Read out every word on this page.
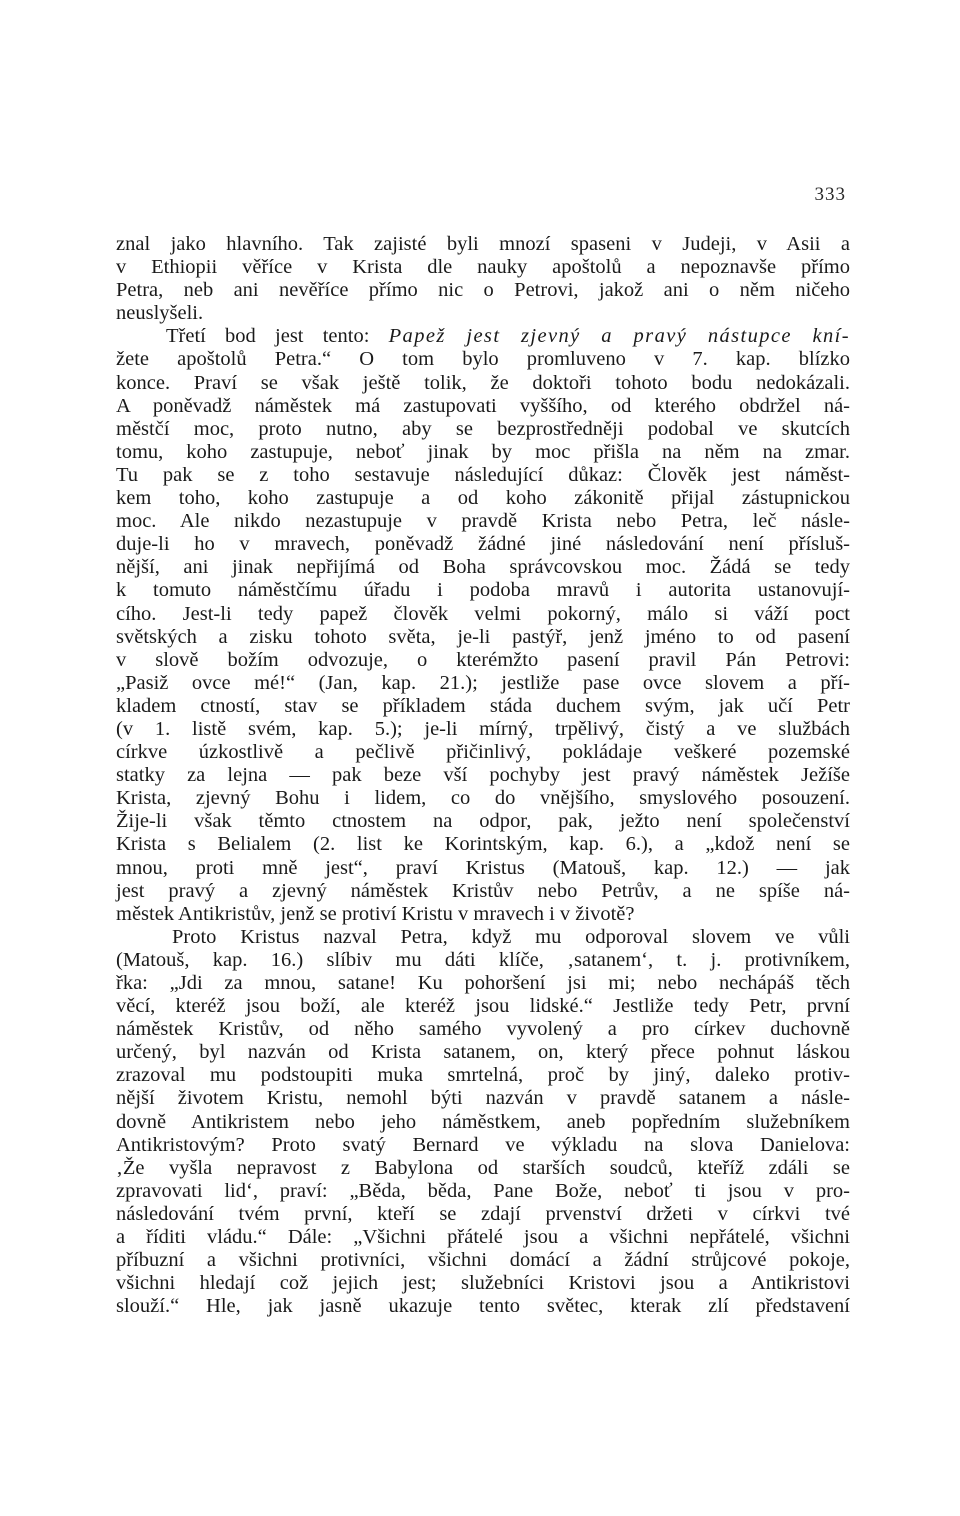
333
znal jako hlavního. Tak zajisté byli mnozí spaseni v Judeji, v Asii a
v Ethiopii věříce v Krista dle nauky apoštolů a nepoznavše přímo
Petra, neb ani nevěříce přímo nic o Petrovi, jakož ani o něm ničeho
neuslyšeli.
Třetí bod jest tento: Papež jest zjevný a pravý nástupce kní-
žete apoštolů Petra.“ O tom bylo promluveno v 7. kap. blízko
konce. Praví se však ještě tolik, že doktoři tohoto bodu nedokázali.
A poněvadž náměstek má zastupovati vyššího, od kterého obdržel ná-
městčí moc, proto nutno, aby se bezprostředněji podobal ve skutcích
tomu, koho zastupuje, neboť jinak by moc přišla na něm na zmar.
Tu pak se z toho sestavuje následující důkaz: Člověk jest náměst-
kem toho, koho zastupuje a od koho zákonitě přijal zástupnickou
moc. Ale nikdo nezastupuje v pravdě Krista nebo Petra, leč násle-
duje-li ho v mravech, poněvadž žádné jiné následování není přísluš-
nější, ani jinak nepřijímá od Boha správcovskou moc. Žádá se tedy
k tomuto náměstčímu úřadu i podoba mravů i autorita ustanovují-
cího. Jest-li tedy papež člověk velmi pokorný, málo si váží poct
světských a zisku tohoto světa, je-li pastýř, jenž jméno to od pasení
v slově božím odvozuje, o kterémžto pasení pravil Pán Petrovi:
„Pasiž ovce mé!“ (Jan, kap. 21.); jestliže pase ovce slovem a pří-
kladem ctností, stav se příkladem stáda duchem svým, jak učí Petr
(v 1. listě svém, kap. 5.); je-li mírný, trpělivý, čistý a ve službách
církve úzkostlivě a pečlivě přičinlivý, pokládaje veškeré pozemské
statky za lejna — pak beze vší pochyby jest pravý náměstek Ježíše
Krista, zjevný Bohu i lidem, co do vnějšího, smyslového posouzení.
Žije-li však těmto ctnostem na odpor, pak, ježto není společenství
Krista s Belialem (2. list ke Korintským, kap. 6.), a „kdož není se
mnou, proti mně jest“, praví Kristus (Matouš, kap. 12.) — jak
jest pravý a zjevný náměstek Kristův nebo Petrův, a ne spíše ná-
městek Antikristův, jenž se protiví Kristu v mravech i v životě?
Proto Kristus nazval Petra, když mu odporoval slovem ve vůli
(Matouš, kap. 16.) slíbiv mu dáti klíče, ‚satanem‘, t. j. protivníkem,
řka: „Jdi za mnou, satane! Ku pohoršení jsi mi; nebo nechápáš těch
věcí, kteréž jsou boží, ale kteréž jsou lidské.“ Jestliže tedy Petr, první
náměstek Kristův, od něho samého vyvolený a pro církev duchovně
určený, byl nazván od Krista satanem, on, který přece pohnut láskou
zrazoval mu podstoupiti muka smrtelná, proč by jiný, daleko protiv-
nější životem Kristu, nemohl býti nazván v pravdě satanem a násle-
dovně Antikristem nebo jeho náměstkem, aneb popředním služebníkem
Antikristovým? Proto svatý Bernard ve výkladu na slova Danielova:
‚Že vyšla nepravost z Babylona od starších soudců, kteříž zdáli se
zpravovati lid‘, praví: „Běda, běda, Pane Bože, neboť ti jsou v pro-
následování tvém první, kteří se zdají prvenství držeti v církvi tvé
a říditi vládu.“ Dále: „Všichni přátelé jsou a všichni nepřátelé, všichni
příbuzní a všichni protivníci, všichni domácí a žádní strůjcové pokoje,
všichni hledají což jejich jest; služebníci Kristovi jsou a Antikristovi
slouží.“ Hle, jak jasně ukazuje tento světec, kterak zlí představení
